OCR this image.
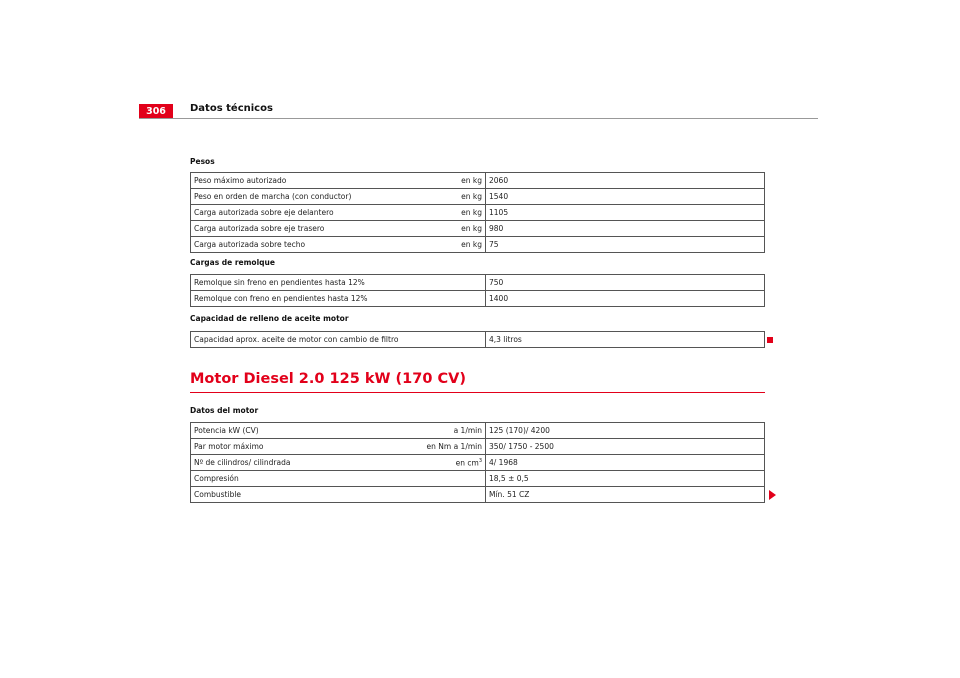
306	Datos técnicos
Pesos
Peso máximo autorizado	en kg	2060
Peso en orden de marcha (con conductor)	en kg	1540
Carga autorizada sobre eje delantero	en kg	1105
Carga autorizada sobre eje trasero	en kg	980
Carga autorizada sobre techo	en kg	75
Cargas de remolque
Remolque sin freno en pendientes hasta 12%		750
Remolque con freno en pendientes hasta 12%		1400
Capacidad de relleno de aceite motor
Capacidad aprox. aceite de motor con cambio de filtro		4,3 litros
Motor Diesel 2.0 125 kW (170 CV)
Datos del motor
Potencia kW (CV)	a 1/min	125 (170)/ 4200
Par motor máximo	en Nm a 1/min	350/ 1750 - 2500
Nº de cilindros/ cilindrada	en $cm^3$	4/ 1968
Compresión		18,5 ± 0,5
Combustible		Mín. 51 CZ
